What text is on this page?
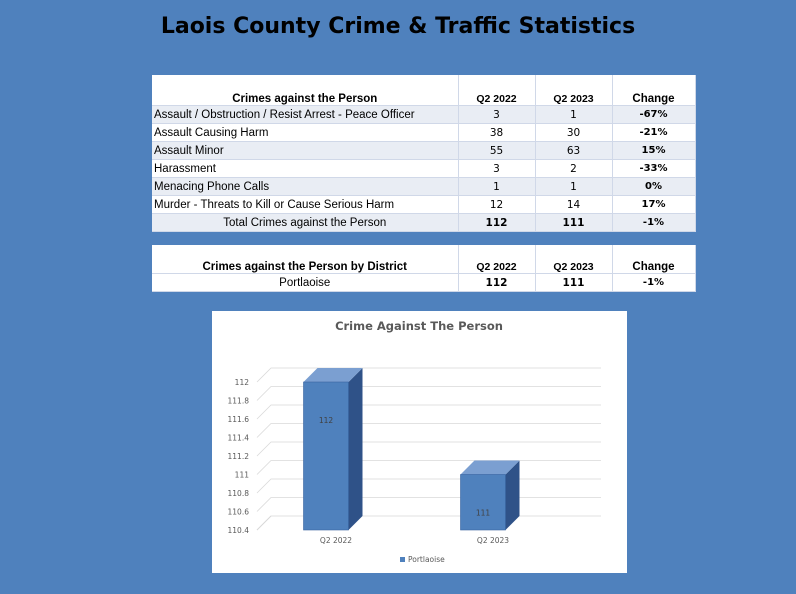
Laois County Crime & Traffic Statistics
Crimes against the Person	Q2 2022	Q2 2023	Change
Assault / Obstruction / Resist Arrest - Peace Officer	3	1	-67%
Assault Causing Harm	38	30	-21%
Assault Minor	55	63	15%
Harassment	3	2	-33%
Menacing Phone Calls	1	1	0%
Murder - Threats to Kill or Cause Serious Harm	12	14	17%
Total Crimes against the Person	112	111	-1%
Crimes against the Person by District	Q2 2022	Q2 2023	Change
Portlaoise	112	111	-1%
Crime Against The Person
110.4
110.6
110.8
111
111.2
111.4
111.6
111.8
112
112
Q2 2022
111
Q2 2023
Portlaoise
